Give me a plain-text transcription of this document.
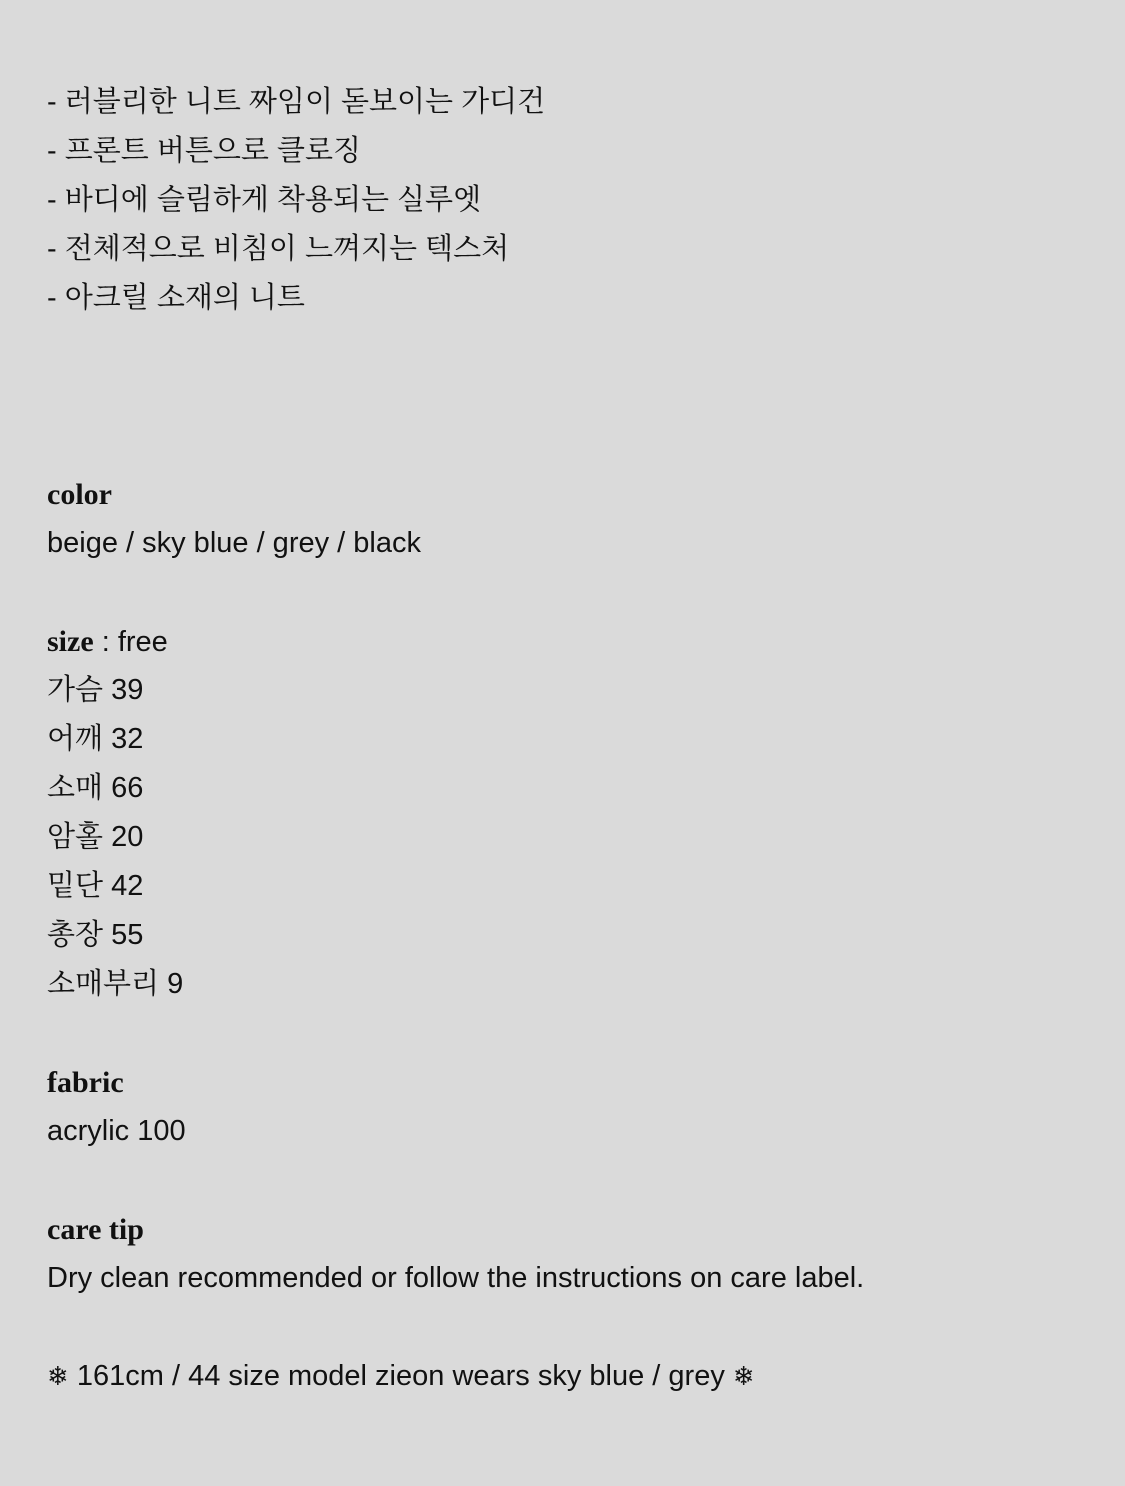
- 러블리한 니트 짜임이 돋보이는 가디건
- 프론트 버튼으로 클로징
- 바디에 슬림하게 착용되는 실루엣
- 전체적으로 비침이 느껴지는 텍스처
- 아크릴 소재의 니트
color
beige / sky blue / grey / black
size : free
가슴 39
어깨 32
소매 66
암홀 20
밑단 42
총장 55
소매부리 9
fabric
acrylic 100
care tip
Dry clean recommended or follow the instructions on care label.
❄ 161cm / 44 size model zieon wears sky blue / grey ❄
